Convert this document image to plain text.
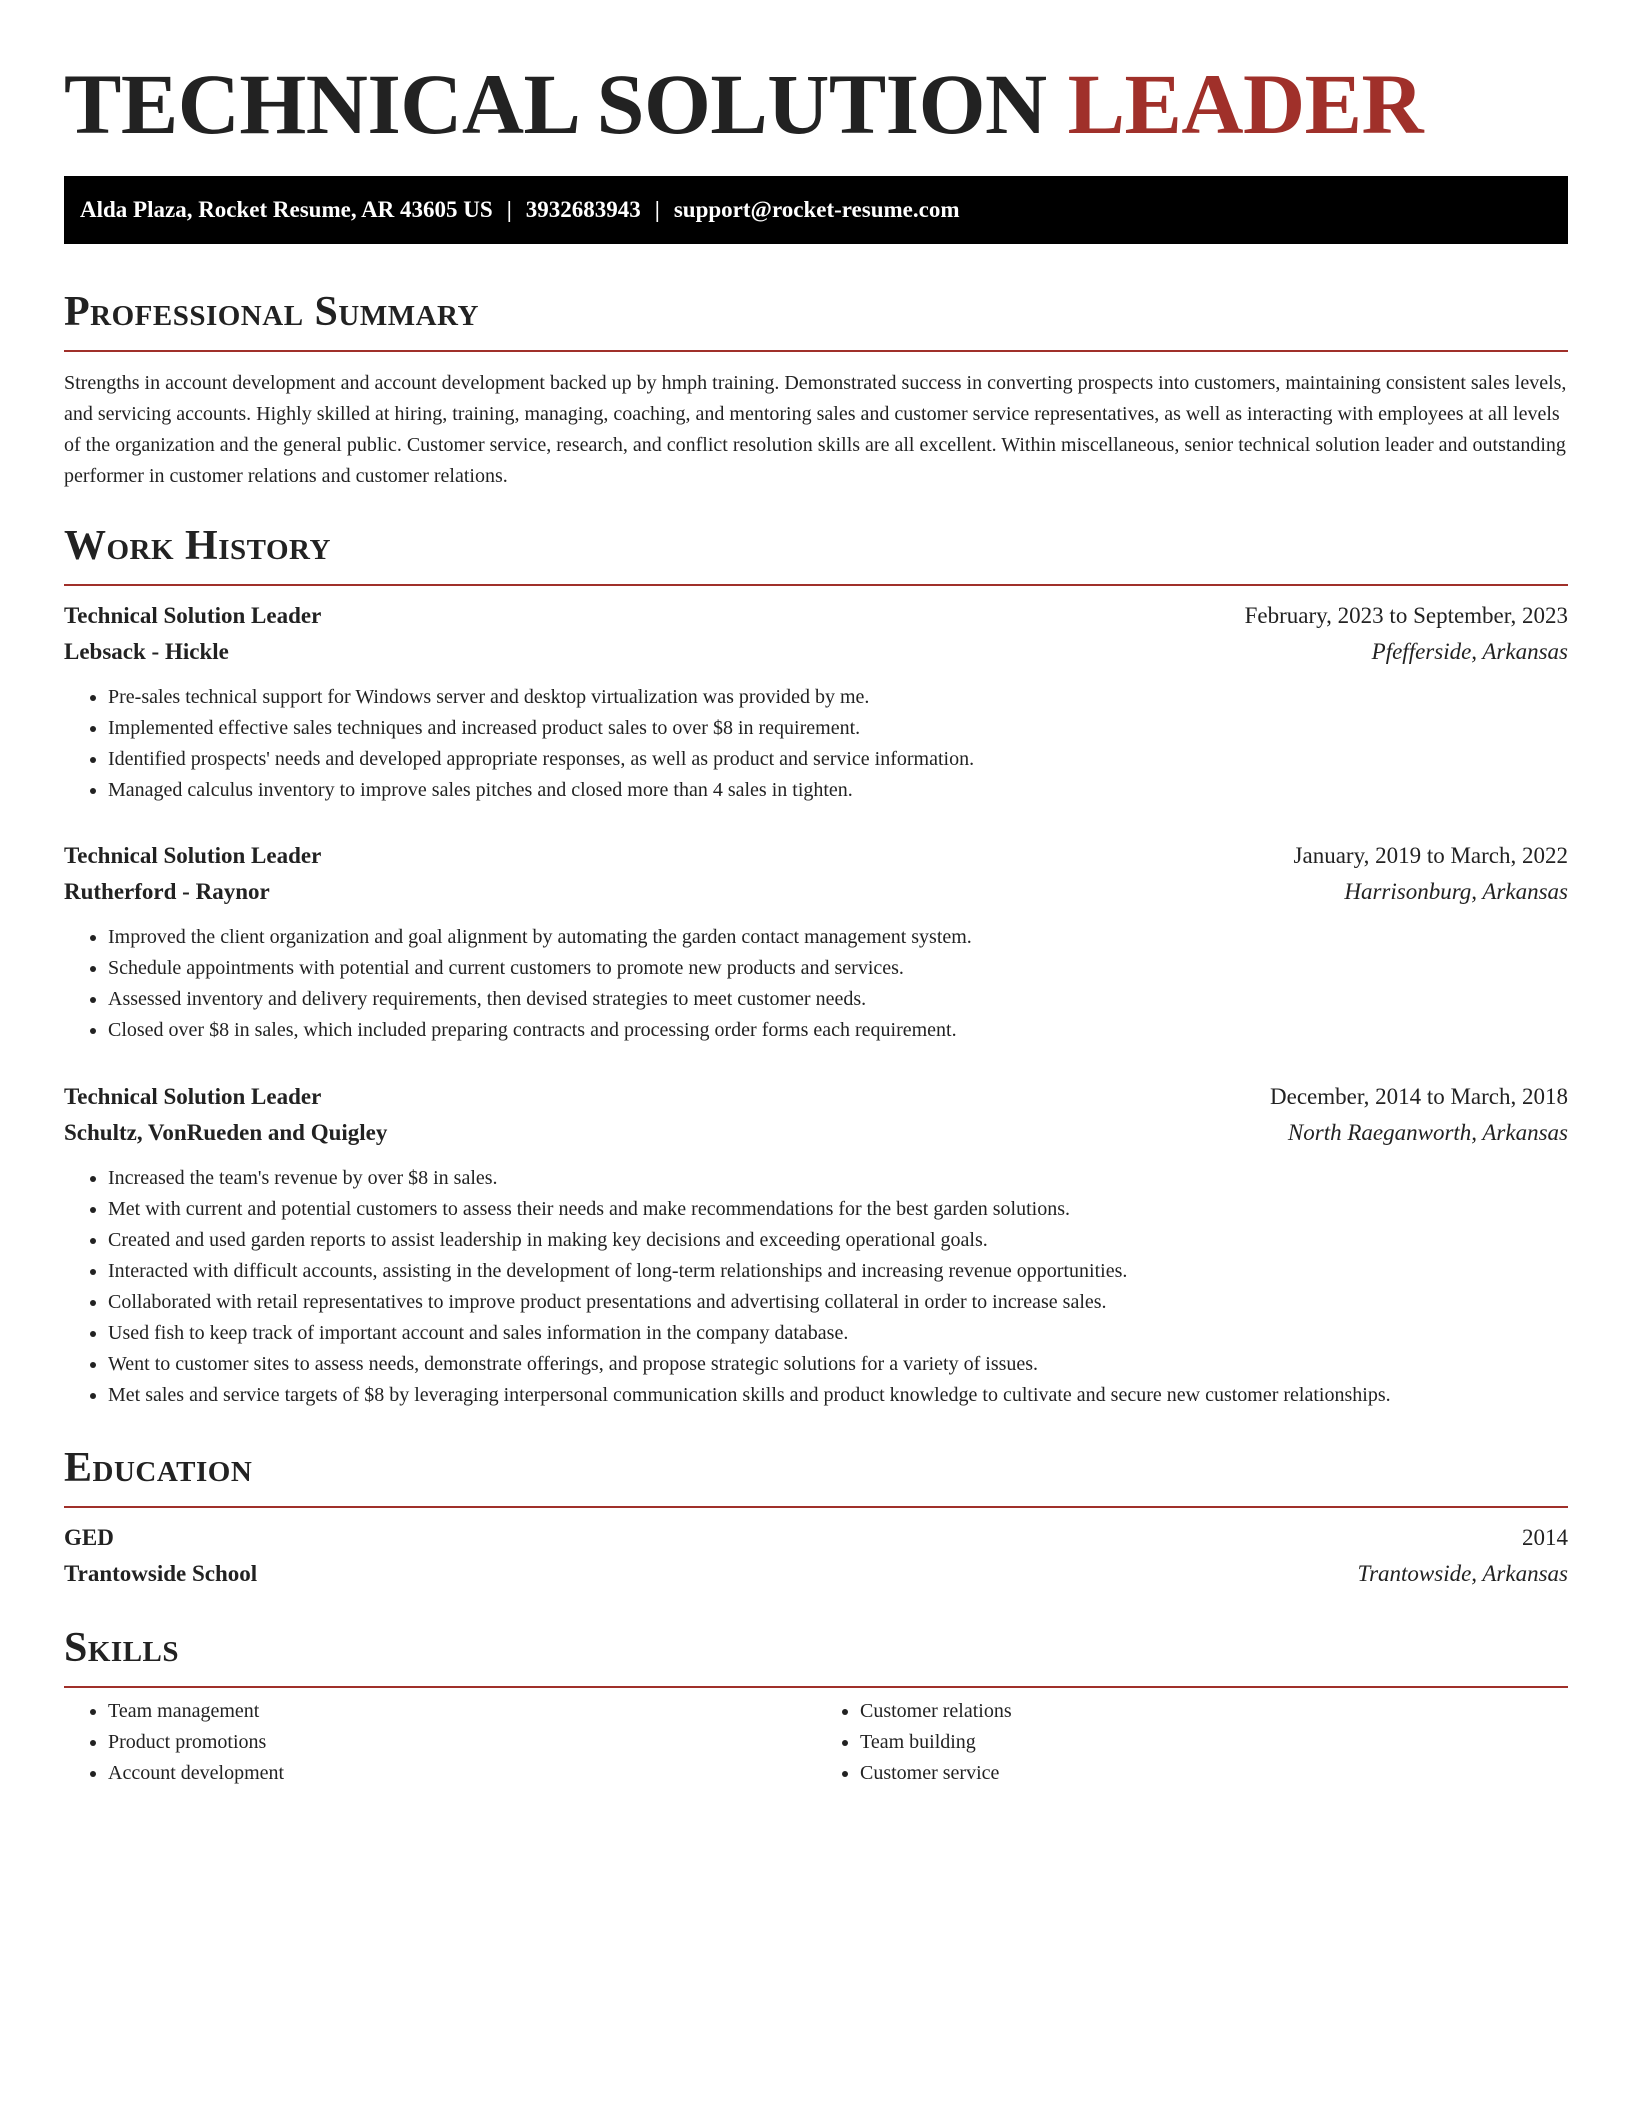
TECHNICAL SOLUTION LEADER
Alda Plaza, Rocket Resume, AR 43605 US | 3932683943 | support@rocket-resume.com
Professional Summary

Strengths in account development and account development backed up by hmph training. Demonstrated success in converting prospects into customers, maintaining consistent sales levels, and servicing accounts. Highly skilled at hiring, training, managing, coaching, and mentoring sales and customer service representatives, as well as interacting with employees at all levels of the organization and the general public. Customer service, research, and conflict resolution skills are all excellent. Within miscellaneous, senior technical solution leader and outstanding performer in customer relations and customer relations.

Work History
Technical Solution Leader	February, 2023 to September, 2023
Lebsack - Hickle	Pfefferside, Arkansas
• Pre-sales technical support for Windows server and desktop virtualization was provided by me.
• Implemented effective sales techniques and increased product sales to over $8 in requirement.
• Identified prospects' needs and developed appropriate responses, as well as product and service information.
• Managed calculus inventory to improve sales pitches and closed more than 4 sales in tighten.
Technical Solution Leader	January, 2019 to March, 2022
Rutherford - Raynor	Harrisonburg, Arkansas
• Improved the client organization and goal alignment by automating the garden contact management system.
• Schedule appointments with potential and current customers to promote new products and services.
• Assessed inventory and delivery requirements, then devised strategies to meet customer needs.
• Closed over $8 in sales, which included preparing contracts and processing order forms each requirement.
Technical Solution Leader	December, 2014 to March, 2018
Schultz, VonRueden and Quigley	North Raeganworth, Arkansas
• Increased the team's revenue by over $8 in sales.
• Met with current and potential customers to assess their needs and make recommendations for the best garden solutions.
• Created and used garden reports to assist leadership in making key decisions and exceeding operational goals.
• Interacted with difficult accounts, assisting in the development of long-term relationships and increasing revenue opportunities.
• Collaborated with retail representatives to improve product presentations and advertising collateral in order to increase sales.
• Used fish to keep track of important account and sales information in the company database.
• Went to customer sites to assess needs, demonstrate offerings, and propose strategic solutions for a variety of issues.
• Met sales and service targets of $8 by leveraging interpersonal communication skills and product knowledge to cultivate and secure new customer relationships.
Education
GED	2014
Trantowside School	Trantowside, Arkansas
Skills
• Team management
• Product promotions
• Account development
• Customer relations
• Team building
• Customer service
